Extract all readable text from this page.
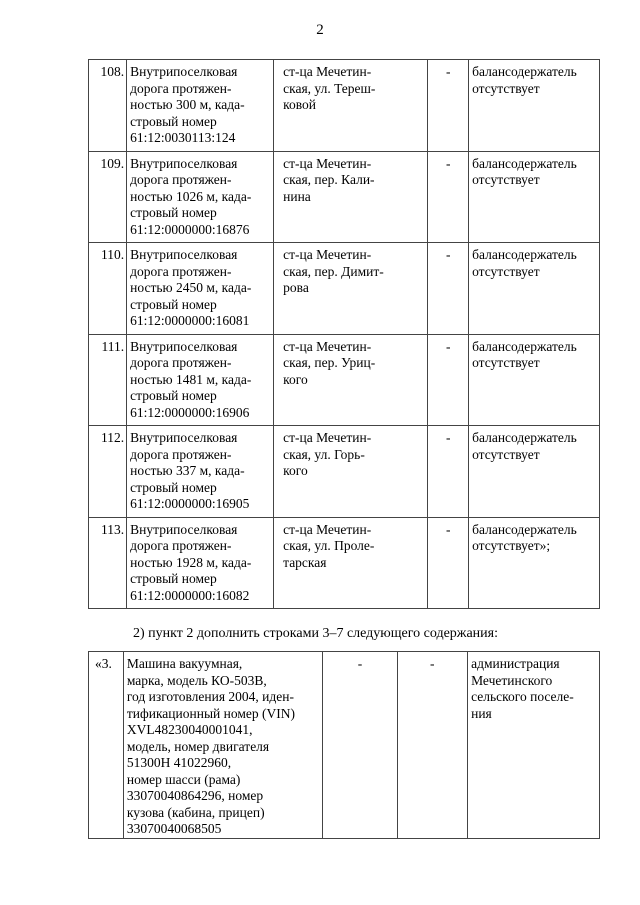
2
108.	Внутрипоселковая
дорога протяжен-
ностью 300 м, када-
стровый номер
61:12:0030113:124	ст-ца Мечетин-
ская, ул. Тереш-
ковой	-	балансодержатель
отсутствует

109.	Внутрипоселковая
дорога протяжен-
ностью 1026 м, када-
стровый номер
61:12:0000000:16876	ст-ца Мечетин-
ская, пер. Кали-
нина	-	балансодержатель
отсутствует

110.	Внутрипоселковая
дорога протяжен-
ностью 2450 м, када-
стровый номер
61:12:0000000:16081	ст-ца Мечетин-
ская, пер. Димит-
рова	-	балансодержатель
отсутствует

111.	Внутрипоселковая
дорога протяжен-
ностью 1481 м, када-
стровый номер
61:12:0000000:16906	ст-ца Мечетин-
ская, пер. Уриц-
кого	-	балансодержатель
отсутствует

112.	Внутрипоселковая
дорога протяжен-
ностью 337 м, када-
стровый номер
61:12:0000000:16905	ст-ца Мечетин-
ская, ул. Горь-
кого	-	балансодержатель
отсутствует

113.	Внутрипоселковая
дорога протяжен-
ностью 1928 м, када-
стровый номер
61:12:0000000:16082	ст-ца Мечетин-
ская, ул. Проле-
тарская	-	балансодержатель
отсутствует»;
2) пункт 2 дополнить строками 3–7 следующего содержания:
«3.	Машина вакуумная,
марка, модель КО-503В,
год изготовления 2004, иден-
тификационный номер (VIN)
XVL48230040001041,
модель, номер двигателя
51300Н 41022960,
номер шасси (рама)
33070040864296, номер
кузова (кабина, прицеп)
33070040068505
	-	-	администрация
Мечетинского
сельского поселе-
ния
